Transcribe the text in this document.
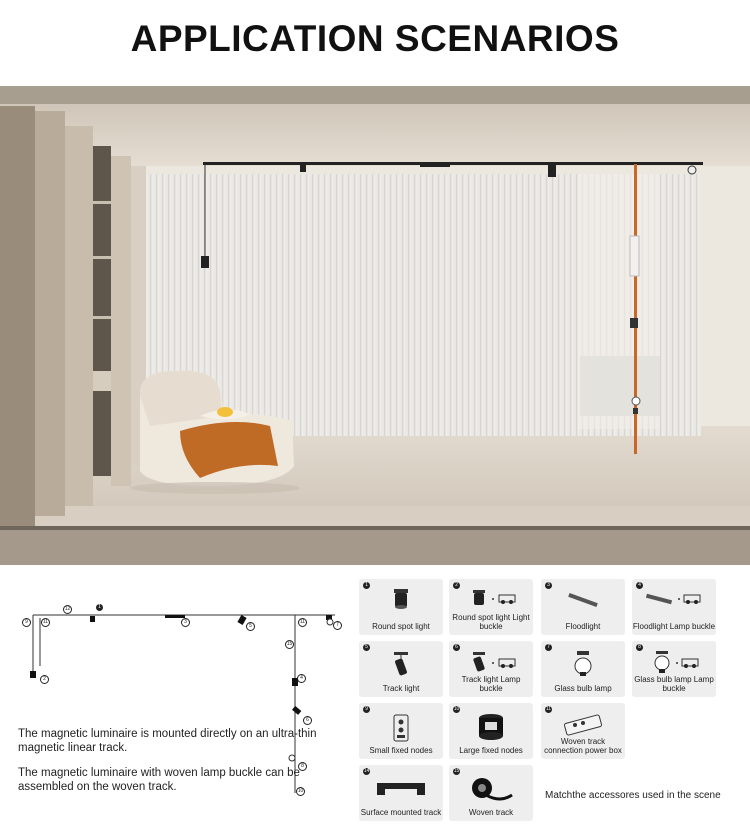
APPLICATION SCENARIOS
1
2
3
5
6
7
8
9
10
11	11
12
15
4
The magnetic luminaire is mounted directly on an ultra-thin magnetic linear track.
The magnetic luminaire with woven lamp buckle can be assembled on the woven track.
1
Round spot light
2
Round spot light Light buckle
3
Floodlight
4
Floodlight Lamp buckle
5
Track light
6
Track light Lamp buckle
7
Glass bulb lamp
8
Glass bulb lamp Lamp buckle
9
Small fixed nodes
10
Large fixed nodes
11
Woven track connection power box
14
Surface mounted track
15
Woven track
Matchthe accessores used in the scene
